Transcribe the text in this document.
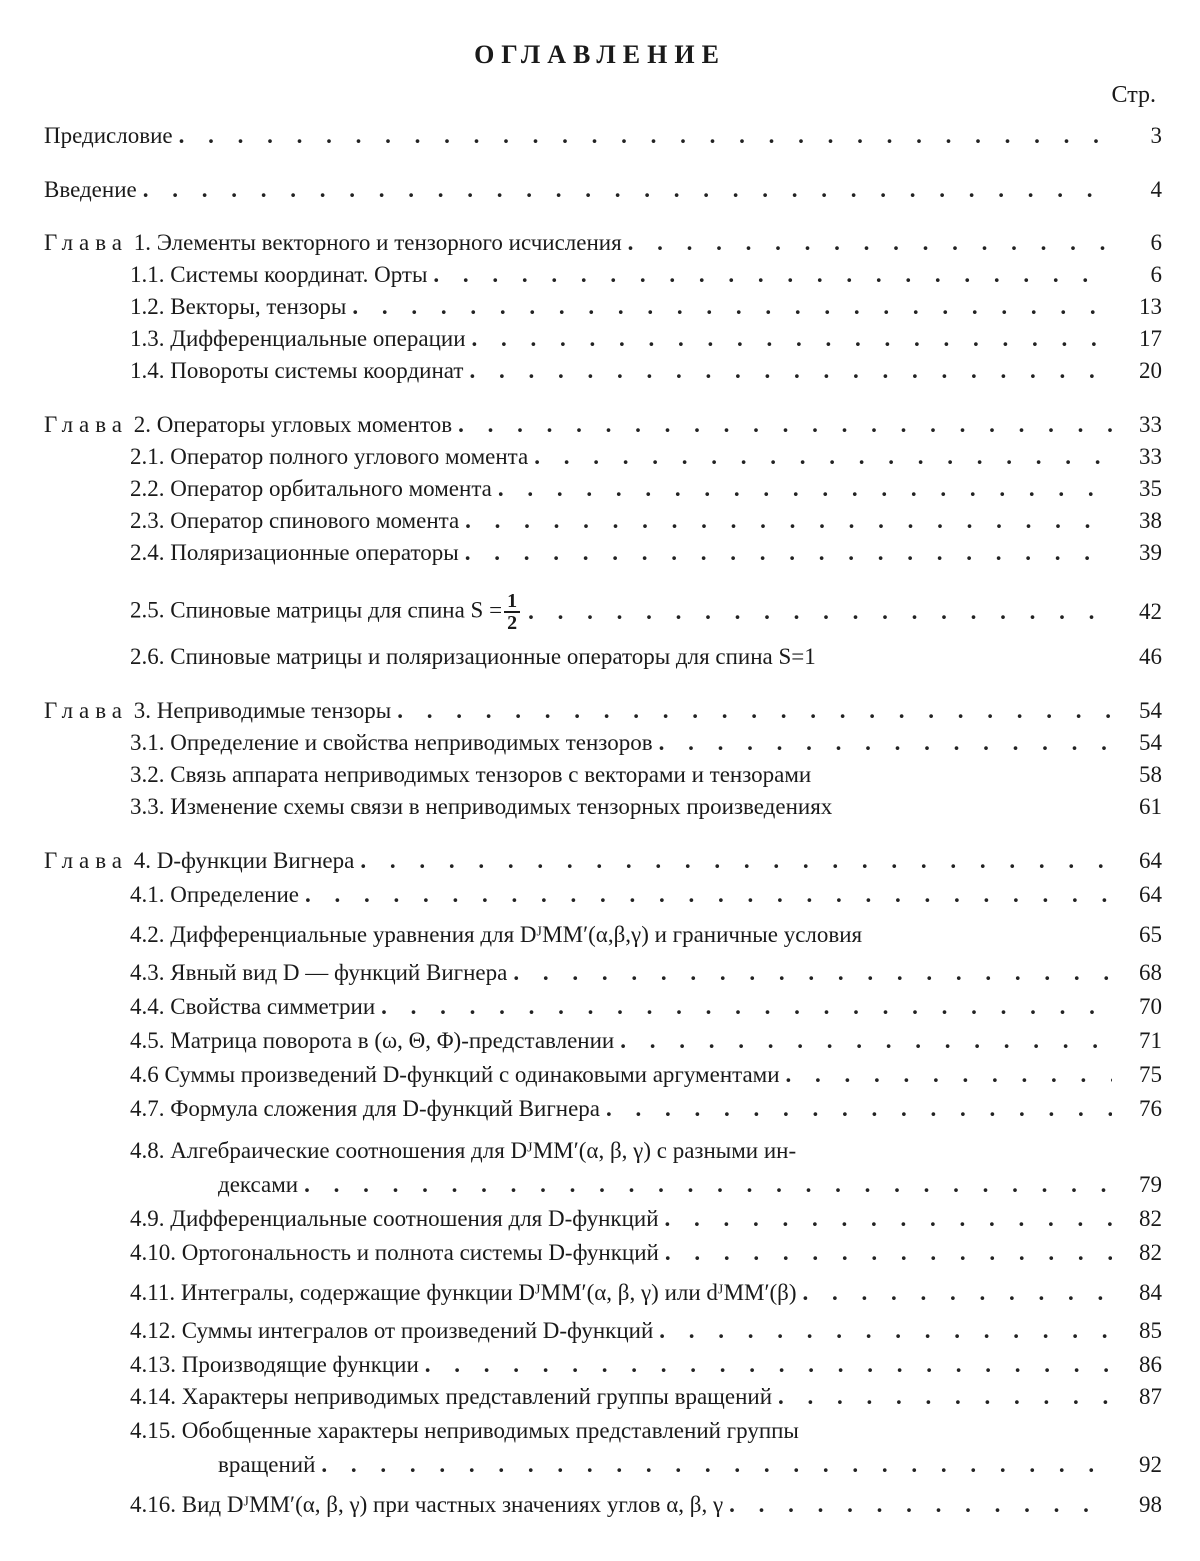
ОГЛАВЛЕНИЕ
Стр.
Предисловие . . .	3
Введение . . .	4
Глава 1. Элементы векторного и тензорного исчисления . . .	6
1.1. Системы координат. Орты . . .	6
1.2. Векторы, тензоры . . .	13
1.3. Дифференциальные операции . . .	17
1.4. Повороты системы координат . . .	20
Глава 2. Операторы угловых моментов . . .	33
2.1. Оператор полного углового момента . . .	33
2.2. Оператор орбитального момента . . .	35
2.3. Оператор спинового момента . . .	38
2.4. Поляризационные операторы . . .	39
2.5. Спиновые матрицы для спина $S = \frac{1}{2}$ . . .	42
2.6. Спиновые матрицы и поляризационные операторы для спина S=1	46
Глава 3. Неприводимые тензоры . . .	54
3.1. Определение и свойства неприводимых тензоров . . .	54
3.2. Связь аппарата неприводимых тензоров с векторами и тензорами	58
3.3. Изменение схемы связи в неприводимых тензорных произведениях	61
Глава 4. D-функции Вигнера . . .	64
4.1. Определение . . .	64
4.2. Дифференциальные уравнения для DᴶMM′(α,β,γ) и граничные условия	65
4.3. Явный вид D — функций Вигнера . . .	68
4.4. Свойства симметрии . . .	70
4.5. Матрица поворота в (ω, Θ, Φ)-представлении . . .	71
4.6 Суммы произведений D-функций с одинаковыми аргументами . . .	75
4.7. Формула сложения для D-функций Вигнера . . .	76
4.8. Алгебраические соотношения для DᴶMM′(α, β, γ) с разными ин-
дексами . . .	79
4.9. Дифференциальные соотношения для D-функций . . .	82
4.10. Ортогональность и полнота системы D-функций . . .	82
4.11. Интегралы, содержащие функции DᴶMM′(α, β, γ) или dᴶMM′(β) . . .	84
4.12. Суммы интегралов от произведений D-функций . . .	85
4.13. Производящие функции . . .	86
4.14. Характеры неприводимых представлений группы вращений . . .	87
4.15. Обобщенные характеры неприводимых представлений группы
вращений . . .	92
4.16. Вид DᴶMM′(α, β, γ) при частных значениях углов α, β, γ . . .	98
